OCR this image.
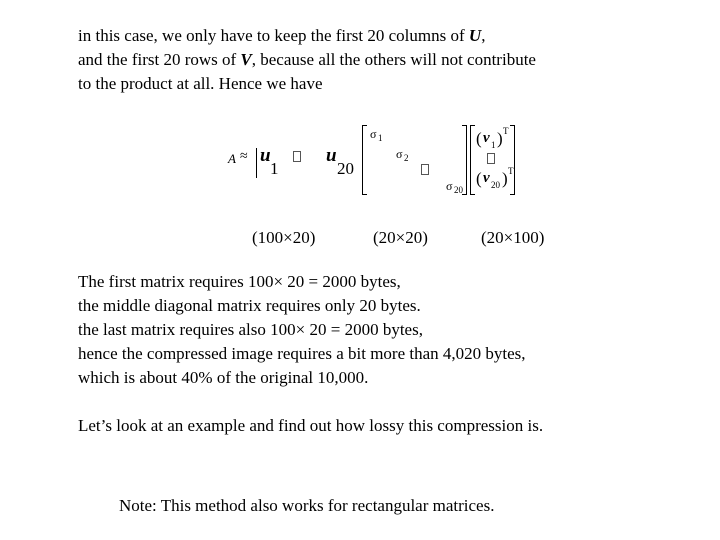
in this case, we only have to keep the first 20 columns of U,
and the first 20 rows of V, because all the others will not contribute
to the product at all. Hence we have
A ≈ u
1
u
20
σ 1
σ 2
σ 20
( v 1 ) T
( v 20 ) T
(100×20)	(20×20)	(20×100)
The first matrix requires 100× 20 = 2000 bytes,
the middle diagonal matrix requires only 20 bytes.
the last matrix requires also 100× 20 = 2000 bytes,
hence the compressed image requires a bit more than 4,020 bytes,
which is about 40% of the original 10,000.
Let’s look at an example and find out how lossy this compression is.
Note: This method also works for rectangular matrices.
